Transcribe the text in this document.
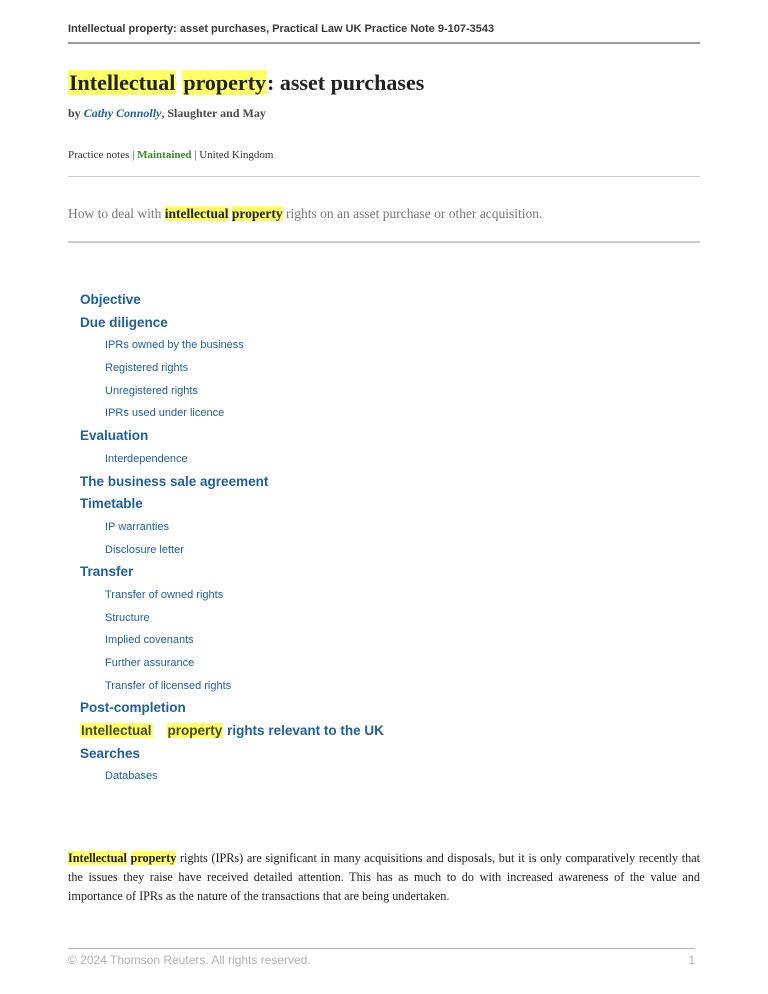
Intellectual property: asset purchases, Practical Law UK Practice Note 9-107-3543
Intellectual property: asset purchases
by Cathy Connolly, Slaughter and May
Practice notes | Maintained | United Kingdom
How to deal with intellectual property rights on an asset purchase or other acquisition.
Objective
Due diligence
IPRs owned by the business
Registered rights
Unregistered rights
IPRs used under licence
Evaluation
Interdependence
The business sale agreement
Timetable
IP warranties
Disclosure letter
Transfer
Transfer of owned rights
Structure
Implied covenants
Further assurance
Transfer of licensed rights
Post-completion
Intellectual property rights relevant to the UK
Searches
Databases

Intellectual property rights (IPRs) are significant in many acquisitions and disposals, but it is only comparatively recently that the issues they raise have received detailed attention. This has as much to do with increased awareness of the value and importance of IPRs as the nature of the transactions that are being undertaken.

© 2024 Thomson Reuters. All rights reserved.	1
